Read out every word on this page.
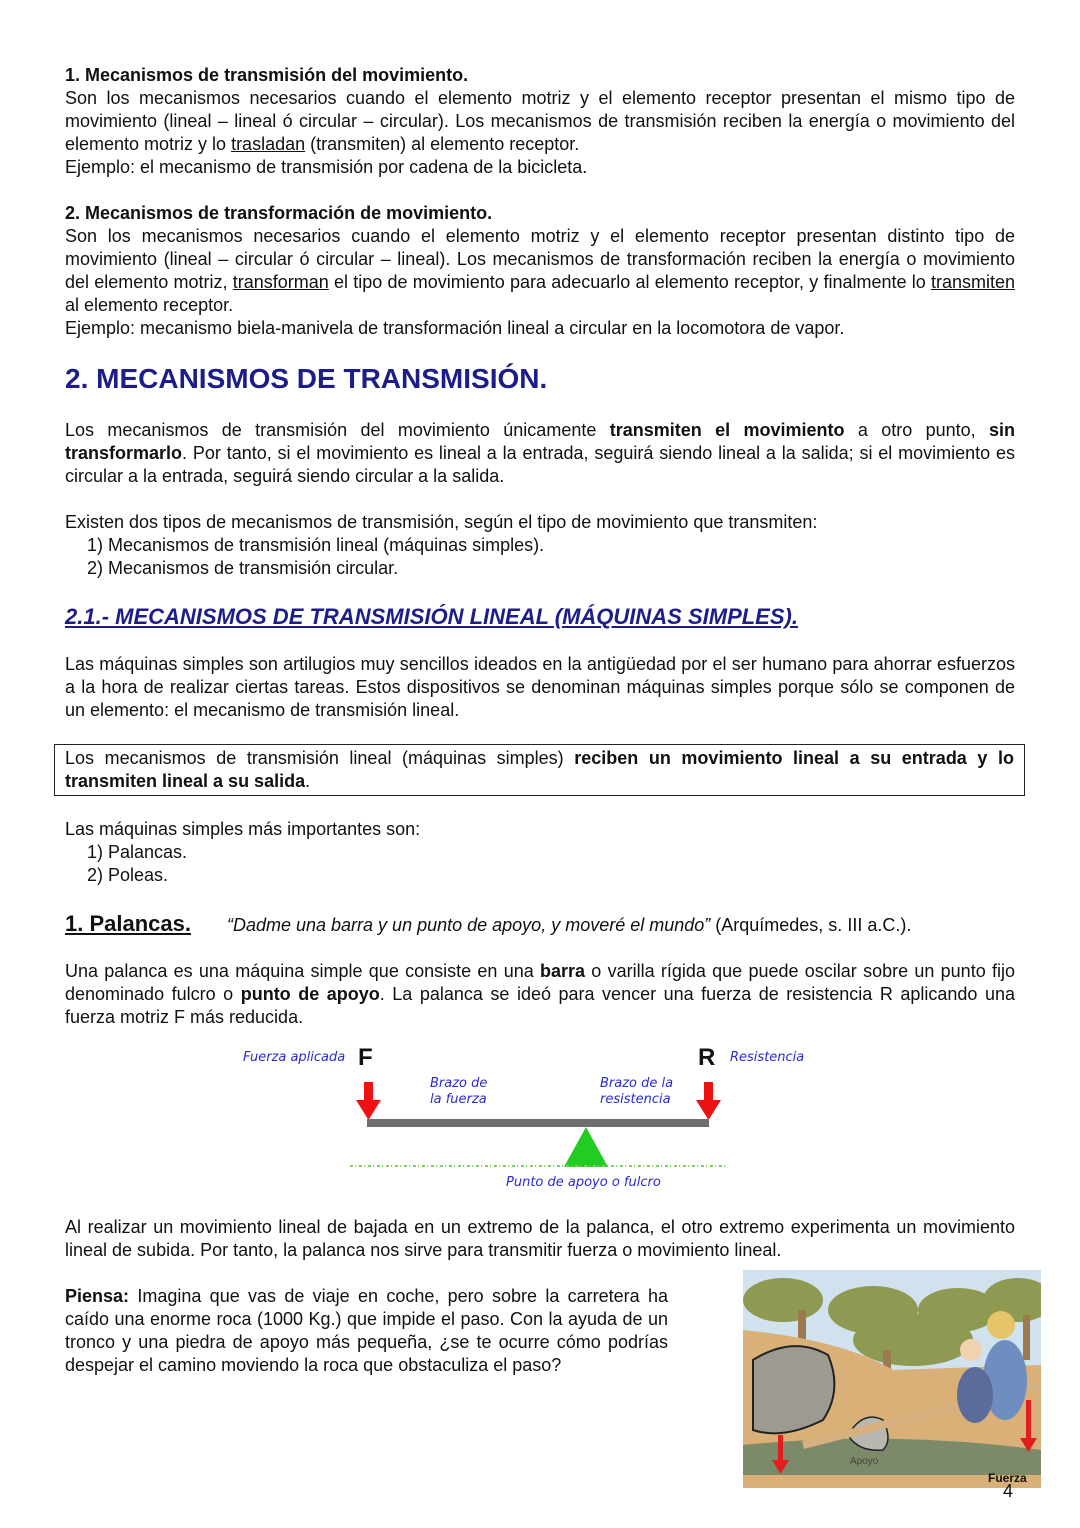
1. Mecanismos de transmisión del movimiento.

Son los mecanismos necesarios cuando el elemento motriz y el elemento receptor presentan el mismo tipo de movimiento (lineal – lineal ó circular – circular). Los mecanismos de transmisión reciben la energía o movimiento del elemento motriz y lo trasladan (transmiten) al elemento receptor.

Ejemplo: el mecanismo de transmisión por cadena de la bicicleta.

2. Mecanismos de transformación de movimiento.

Son los mecanismos necesarios cuando el elemento motriz y el elemento receptor presentan distinto tipo de movimiento (lineal – circular ó circular – lineal). Los mecanismos de transformación reciben la energía o movimiento del elemento motriz, transforman el tipo de movimiento para adecuarlo al elemento receptor, y finalmente lo transmiten al elemento receptor.

Ejemplo: mecanismo biela-manivela de transformación lineal a circular en la locomotora de vapor.

2. MECANISMOS DE TRANSMISIÓN.

Los mecanismos de transmisión del movimiento únicamente transmiten el movimiento a otro punto, sin transformarlo. Por tanto, si el movimiento es lineal a la entrada, seguirá siendo lineal a la salida; si el movimiento es circular a la entrada, seguirá siendo circular a la salida.

Existen dos tipos de mecanismos de transmisión, según el tipo de movimiento que transmiten:

1) Mecanismos de transmisión lineal (máquinas simples).
2) Mecanismos de transmisión circular.
2.1.- MECANISMOS DE TRANSMISIÓN LINEAL (MÁQUINAS SIMPLES).

Las máquinas simples son artilugios muy sencillos ideados en la antigüedad por el ser humano para ahorrar esfuerzos a la hora de realizar ciertas tareas. Estos dispositivos se denominan máquinas simples porque sólo se componen de un elemento: el mecanismo de transmisión lineal.

Los mecanismos de transmisión lineal (máquinas simples) reciben un movimiento lineal a su entrada y lo transmiten lineal a su salida.

Las máquinas simples más importantes son:

1) Palancas.
2) Poleas.
1. Palancas. “Dadme una barra y un punto de apoyo, y moveré el mundo” (Arquímedes, s. III a.C.).

Una palanca es una máquina simple que consiste en una barra o varilla rígida que puede oscilar sobre un punto fijo denominado fulcro o punto de apoyo. La palanca se ideó para vencer una fuerza de resistencia R aplicando una fuerza motriz F más reducida.

Fuerza aplicada F	R Resistencia
Brazo de la fuerza
Brazo de la resistencia
Punto de apoyo o fulcro

Al realizar un movimiento lineal de bajada en un extremo de la palanca, el otro extremo experimenta un movimiento lineal de subida. Por tanto, la palanca nos sirve para transmitir fuerza o movimiento lineal.

Piensa: Imagina que vas de viaje en coche, pero sobre la carretera ha caído una enorme roca (1000 Kg.) que impide el paso. Con la ayuda de un tronco y una piedra de apoyo más pequeña, ¿se te ocurre cómo podrías despejar el camino moviendo la roca que obstaculiza el paso?

Apoyo
Fuerza
4
